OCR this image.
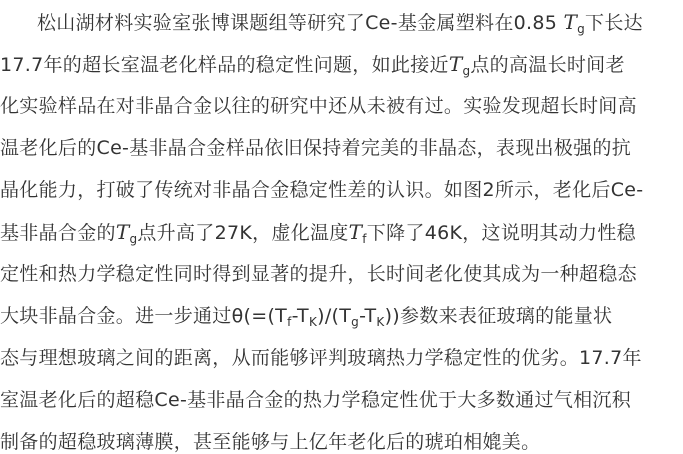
松山湖材料实验室张博课题组等研究了Ce-基金属塑料在0.85 $T_g$下长达
17.7年的超长室温老化样品的稳定性问题，如此接近$T_g$点的高温长时间老
化实验样品在对非晶合金以往的研究中还从未被有过。实验发现超长时间高
温老化后的Ce-基非晶合金样品依旧保持着完美的非晶态，表现出极强的抗
晶化能力，打破了传统对非晶合金稳定性差的认识。如图2所示，老化后Ce-
基非晶合金的$T_g$点升高了27K，虚化温度$T_f$下降了46K，这说明其动力性稳
定性和热力学稳定性同时得到显著的提升，长时间老化使其成为一种超稳态
大块非晶合金。进一步通过$\theta(=(T_f-T_K)/(T_g-T_K))$参数来表征玻璃的能量状
态与理想玻璃之间的距离，从而能够评判玻璃热力学稳定性的优劣。17.7年
室温老化后的超稳Ce-基非晶合金的热力学稳定性优于大多数通过气相沉积
制备的超稳玻璃薄膜，甚至能够与上亿年老化后的琥珀相媲美。
